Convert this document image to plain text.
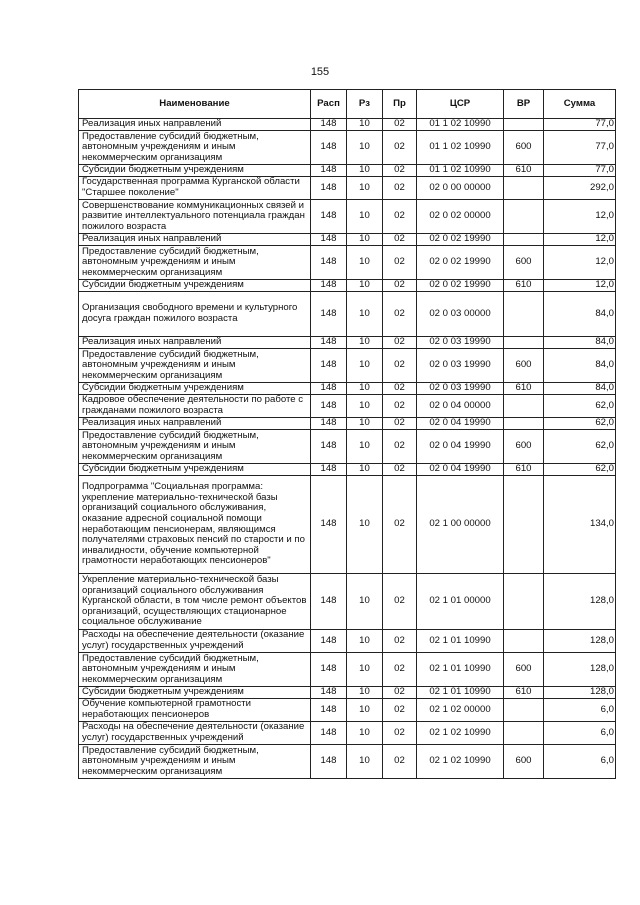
155
Наименование	Расп	Рз	Пр	ЦСР	ВР	Сумма
Реализация иных направлений	148	10	02	01 1 02 10990		77,0
Предоставление субсидий бюджетным, автономным учреждениям и иным некоммерческим организациям	148	10	02	01 1 02 10990	600	77,0
Субсидии бюджетным учреждениям	148	10	02	01 1 02 10990	610	77,0
Государственная программа Курганской области "Старшее поколение"	148	10	02	02 0 00 00000		292,0
Совершенствование коммуникационных связей и развитие интеллектуального потенциала граждан пожилого возраста	148	10	02	02 0 02 00000		12,0
Реализация иных направлений	148	10	02	02 0 02 19990		12,0
Предоставление субсидий бюджетным, автономным учреждениям и иным некоммерческим организациям	148	10	02	02 0 02 19990	600	12,0
Субсидии бюджетным учреждениям	148	10	02	02 0 02 19990	610	12,0
Организация свободного времени и культурного досуга граждан пожилого возраста	148	10	02	02 0 03 00000		84,0
Реализация иных направлений	148	10	02	02 0 03 19990		84,0
Предоставление субсидий бюджетным, автономным учреждениям и иным некоммерческим организациям	148	10	02	02 0 03 19990	600	84,0
Субсидии бюджетным учреждениям	148	10	02	02 0 03 19990	610	84,0
Кадровое обеспечение деятельности по работе с гражданами пожилого возраста	148	10	02	02 0 04 00000		62,0
Реализация иных направлений	148	10	02	02 0 04 19990		62,0
Предоставление субсидий бюджетным, автономным учреждениям и иным некоммерческим организациям	148	10	02	02 0 04 19990	600	62,0
Субсидии бюджетным учреждениям	148	10	02	02 0 04 19990	610	62,0
Подпрограмма "Социальная программа: укрепление материально-технической базы организаций социального обслуживания, оказание адресной социальной помощи неработающим пенсионерам, являющимся получателями страховых пенсий по старости и по инвалидности, обучение компьютерной грамотности неработающих пенсионеров"	148	10	02	02 1 00 00000		134,0
Укрепление материально-технической базы организаций социального обслуживания Курганской области, в том числе ремонт объектов организаций, осуществляющих стационарное социальное обслуживание	148	10	02	02 1 01 00000		128,0
Расходы на обеспечение деятельности (оказание услуг) государственных учреждений	148	10	02	02 1 01 10990		128,0
Предоставление субсидий бюджетным, автономным учреждениям и иным некоммерческим организациям	148	10	02	02 1 01 10990	600	128,0
Субсидии бюджетным учреждениям	148	10	02	02 1 01 10990	610	128,0
Обучение компьютерной грамотности неработающих пенсионеров	148	10	02	02 1 02 00000		6,0
Расходы на обеспечение деятельности (оказание услуг) государственных учреждений	148	10	02	02 1 02 10990		6,0
Предоставление субсидий бюджетным, автономным учреждениям и иным некоммерческим организациям	148	10	02	02 1 02 10990	600	6,0
